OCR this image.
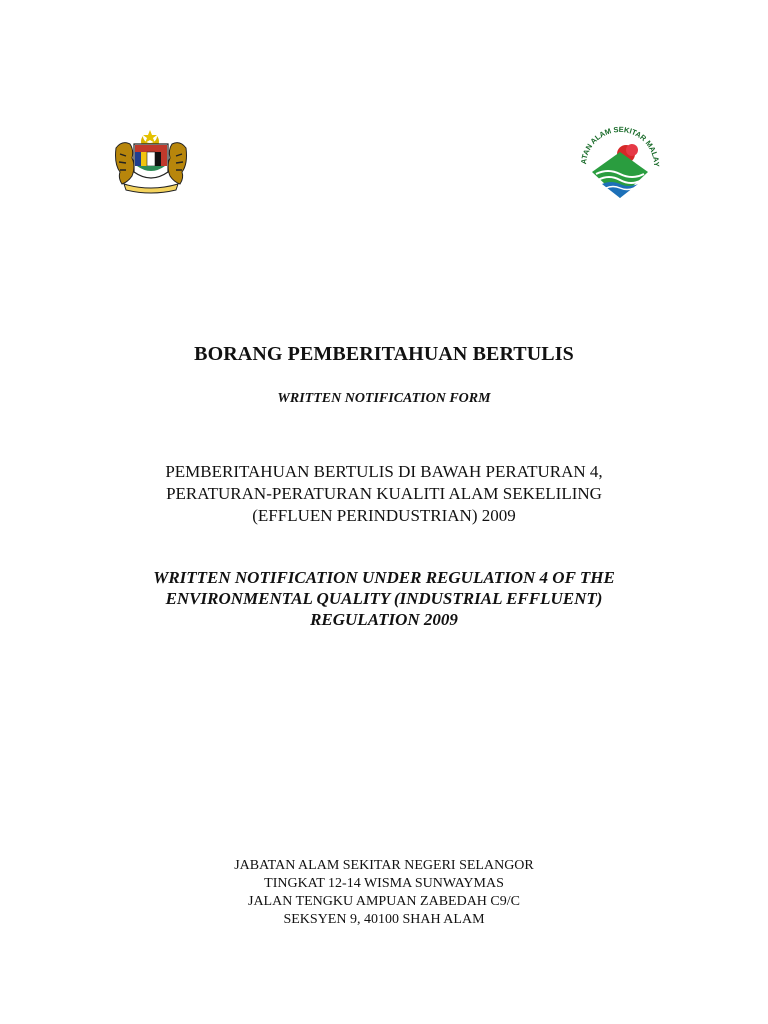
ATAN ALAM SEKITAR MALAY
BORANG PEMBERITAHUAN BERTULIS
WRITTEN NOTIFICATION FORM
PEMBERITAHUAN BERTULIS DI BAWAH PERATURAN 4,
PERATURAN-PERATURAN KUALITI ALAM SEKELILING
(EFFLUEN PERINDUSTRIAN) 2009
WRITTEN NOTIFICATION UNDER REGULATION 4 OF THE
ENVIRONMENTAL QUALITY (INDUSTRIAL EFFLUENT)
REGULATION 2009
JABATAN ALAM SEKITAR NEGERI SELANGOR
TINGKAT 12-14 WISMA SUNWAYMAS
JALAN TENGKU AMPUAN ZABEDAH C9/C
SEKSYEN 9, 40100 SHAH ALAM
